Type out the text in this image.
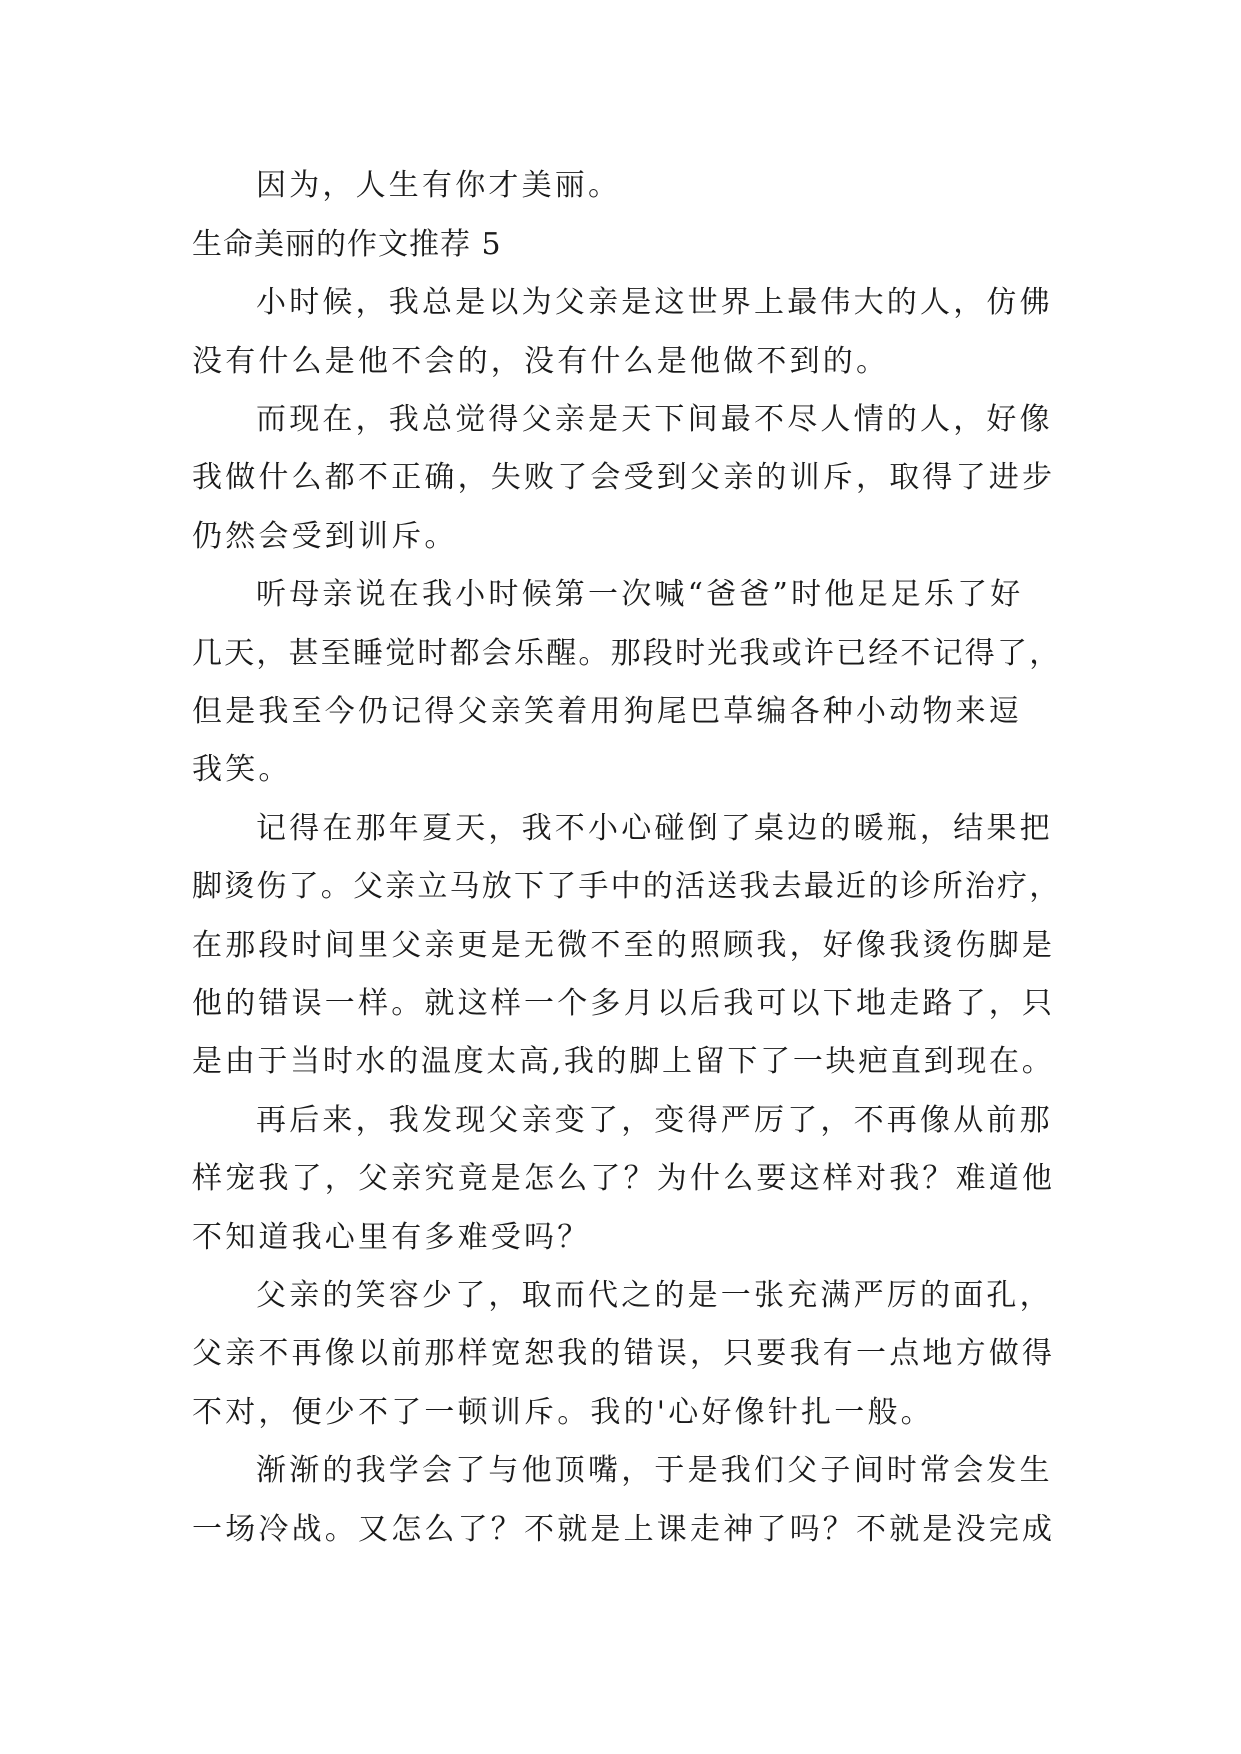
因为，人生有你才美丽。
生命美丽的作文推荐 5
小时候，我总是以为父亲是这世界上最伟大的人，仿佛
没有什么是他不会的，没有什么是他做不到的。
而现在，我总觉得父亲是天下间最不尽人情的人，好像
我做什么都不正确，失败了会受到父亲的训斥，取得了进步
仍然会受到训斥。
听母亲说在我小时候第一次喊“爸爸”时他足足乐了好
几天，甚至睡觉时都会乐醒。那段时光我或许已经不记得了，
但是我至今仍记得父亲笑着用狗尾巴草编各种小动物来逗
我笑。
记得在那年夏天，我不小心碰倒了桌边的暖瓶，结果把
脚烫伤了。父亲立马放下了手中的活送我去最近的诊所治疗，
在那段时间里父亲更是无微不至的照顾我，好像我烫伤脚是
他的错误一样。就这样一个多月以后我可以下地走路了，只
是由于当时水的温度太高,我的脚上留下了一块疤直到现在。
再后来，我发现父亲变了，变得严厉了，不再像从前那
样宠我了，父亲究竟是怎么了？为什么要这样对我？难道他
不知道我心里有多难受吗？
父亲的笑容少了，取而代之的是一张充满严厉的面孔，
父亲不再像以前那样宽恕我的错误，只要我有一点地方做得
不对，便少不了一顿训斥。我的'心好像针扎一般。
渐渐的我学会了与他顶嘴，于是我们父子间时常会发生
一场冷战。又怎么了？不就是上课走神了吗？不就是没完成
